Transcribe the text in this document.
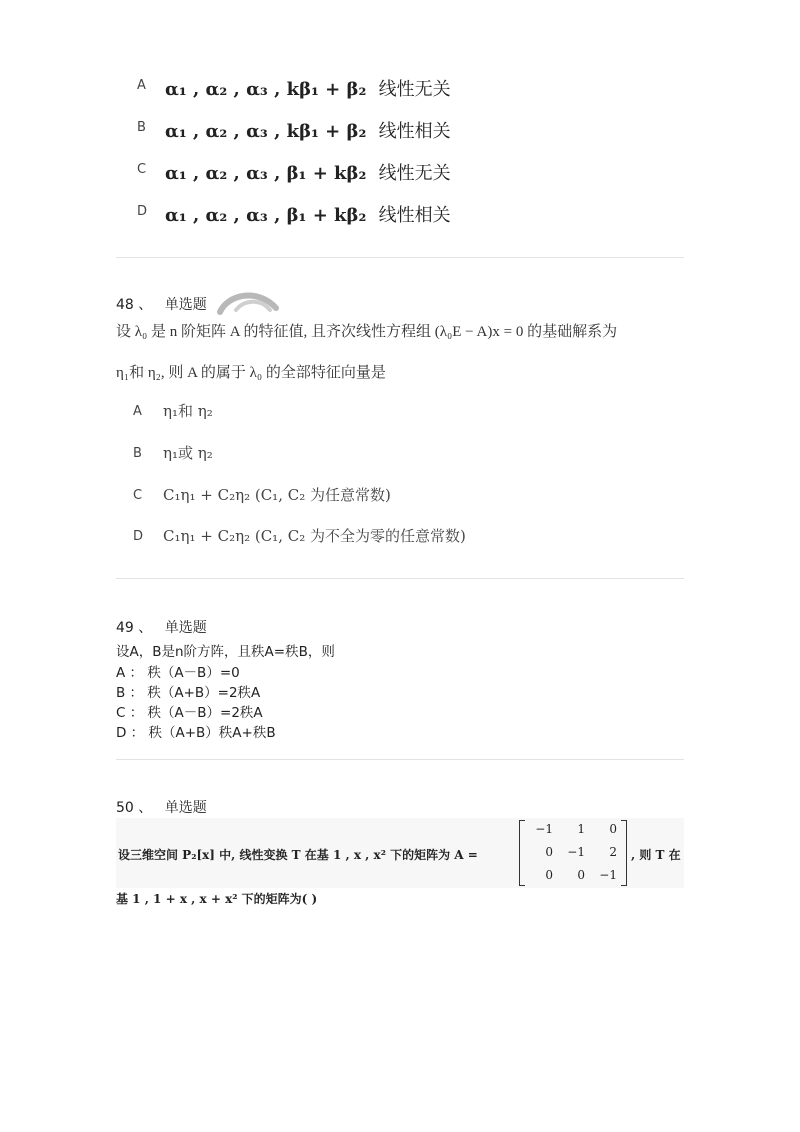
A α₁ , α₂ , α₃ , kβ₁ + β₂ 线性无关
B α₁ , α₂ , α₃ , kβ₁ + β₂ 线性相关
C α₁ , α₂ , α₃ , β₁ + kβ₂ 线性无关
D α₁ , α₂ , α₃ , β₁ + kβ₂ 线性相关
48 、 单选题
设 λ₀ 是 n 阶矩阵 A 的特征值, 且齐次线性方程组 (λ₀E − A)x = 0 的基础解系为
η₁和 η₂, 则 A 的属于 λ₀ 的全部特征向量是
A η₁和 η₂
B η₁或 η₂
C C₁η₁ + C₂η₂ (C₁, C₂ 为任意常数)
D C₁η₁ + C₂η₂ (C₁, C₂ 为不全为零的任意常数)
49 、 单选题
设A，B是n阶方阵，且秩A=秩B，则
A ： 秩（A－B）=0
B ： 秩（A+B）=2秩A
C ： 秩（A－B）=2秩A
D ： 秩（A+B）秩A+秩B
50 、 单选题
设三维空间 P₂[x] 中, 线性变换 T 在基 1 , x , x² 下的矩阵为 A =
−1	1	0
0	−1	2
0	0	−1
, 则 T 在
基 1 , 1 + x , x + x² 下的矩阵为( )
